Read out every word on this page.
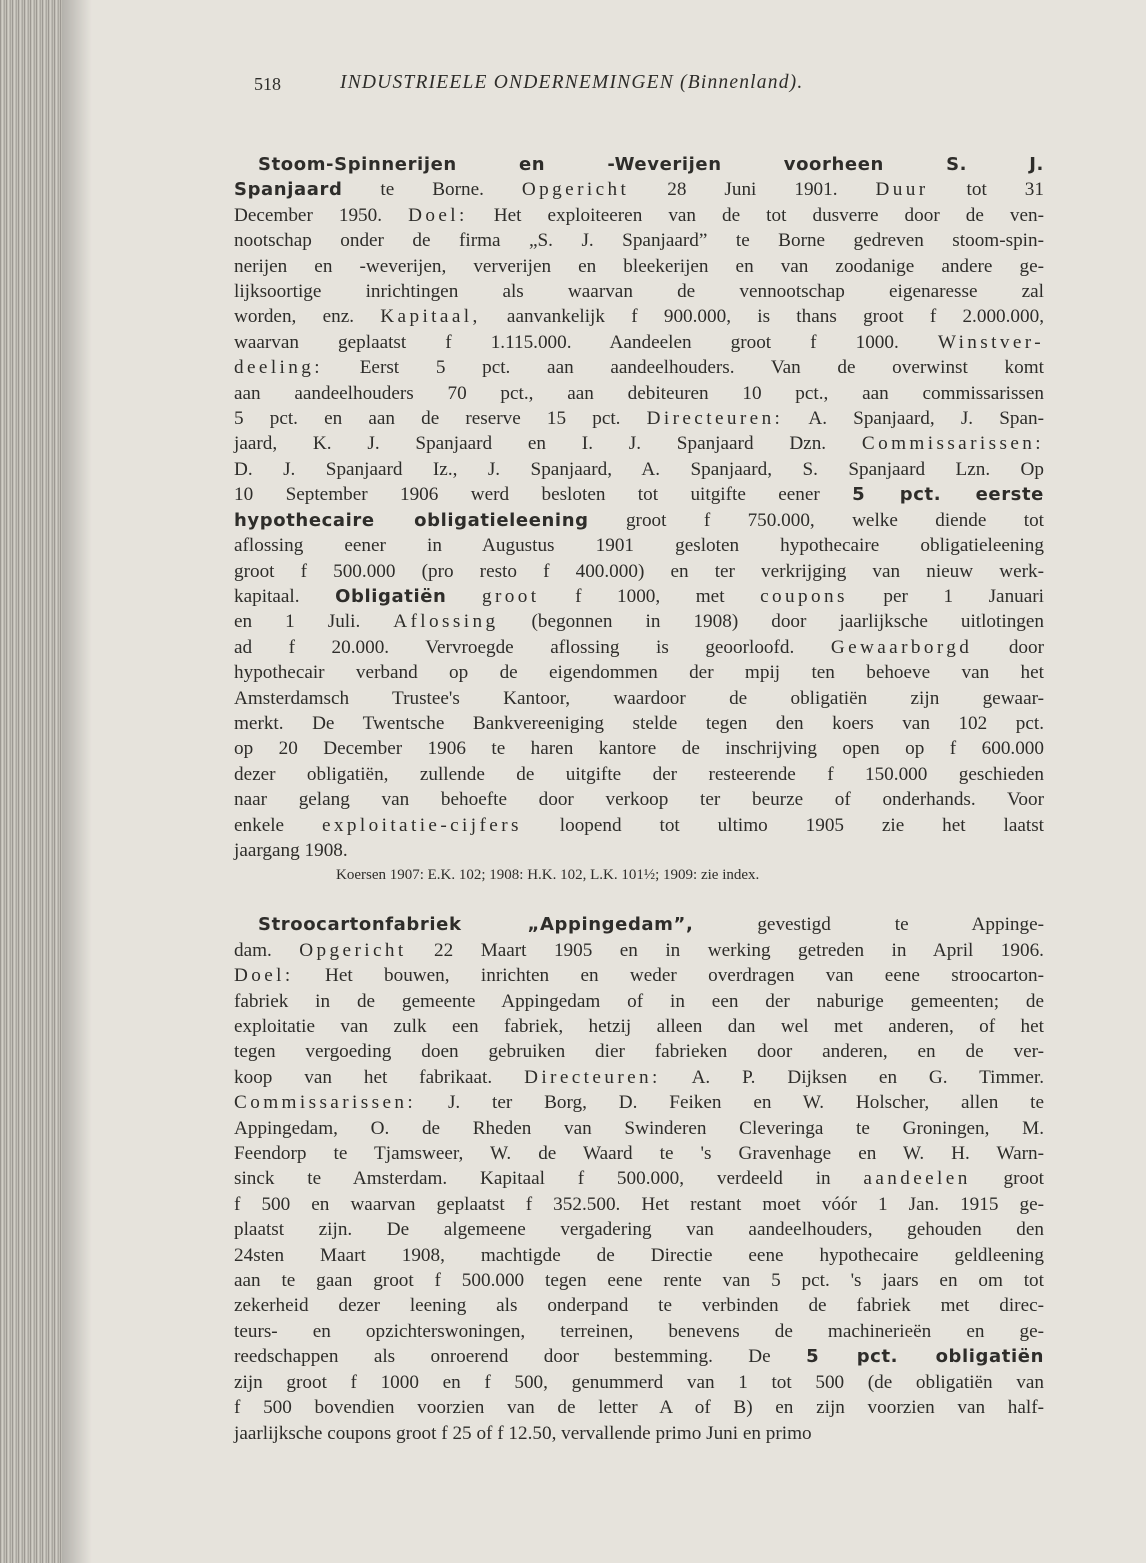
518	INDUSTRIEELE ONDERNEMINGEN (Binnenland).
Stoom-Spinnerijen en -Weverijen voorheen S. J.
Spanjaard te Borne. Opgericht 28 Juni 1901. Duur tot 31
December 1950. Doel: Het exploiteeren van de tot dusverre door de ven-
nootschap onder de firma „S. J. Spanjaard” te Borne gedreven stoom-spin-
nerijen en -weverijen, ververijen en bleekerijen en van zoodanige andere ge-
lijksoortige inrichtingen als waarvan de vennootschap eigenaresse zal
worden, enz. Kapitaal, aanvankelijk f 900.000, is thans groot f 2.000.000,
waarvan geplaatst f 1.115.000. Aandeelen groot f 1000. Winstver-
deeling: Eerst 5 pct. aan aandeelhouders. Van de overwinst komt
aan aandeelhouders 70 pct., aan debiteuren 10 pct., aan commissarissen
5 pct. en aan de reserve 15 pct. Directeuren: A. Spanjaard, J. Span-
jaard, K. J. Spanjaard en I. J. Spanjaard Dzn. Commissarissen:
D. J. Spanjaard Iz., J. Spanjaard, A. Spanjaard, S. Spanjaard Lzn. Op
10 September 1906 werd besloten tot uitgifte eener 5 pct. eerste
hypothecaire obligatieleening groot f 750.000, welke diende tot
aflossing eener in Augustus 1901 gesloten hypothecaire obligatieleening
groot f 500.000 (pro resto f 400.000) en ter verkrijging van nieuw werk-
kapitaal. Obligatiën groot f 1000, met coupons per 1 Januari
en 1 Juli. Aflossing (begonnen in 1908) door jaarlijksche uitlotingen
ad f 20.000. Vervroegde aflossing is geoorloofd. Gewaarborgd door
hypothecair verband op de eigendommen der mpij ten behoeve van het
Amsterdamsch Trustee's Kantoor, waardoor de obligatiën zijn gewaar-
merkt. De Twentsche Bankvereeniging stelde tegen den koers van 102 pct.
op 20 December 1906 te haren kantore de inschrijving open op f 600.000
dezer obligatiën, zullende de uitgifte der resteerende f 150.000 geschieden
naar gelang van behoefte door verkoop ter beurze of onderhands. Voor
enkele exploitatie-cijfers loopend tot ultimo 1905 zie het laatst
jaargang 1908.
Koersen 1907: E.K. 102; 1908: H.K. 102, L.K. 101½; 1909: zie index.
Stroocartonfabriek „Appingedam”, gevestigd te Appinge-
dam. Opgericht 22 Maart 1905 en in werking getreden in April 1906.
Doel: Het bouwen, inrichten en weder overdragen van eene stroocarton-
fabriek in de gemeente Appingedam of in een der naburige gemeenten; de
exploitatie van zulk een fabriek, hetzij alleen dan wel met anderen, of het
tegen vergoeding doen gebruiken dier fabrieken door anderen, en de ver-
koop van het fabrikaat. Directeuren: A. P. Dijksen en G. Timmer.
Commissarissen: J. ter Borg, D. Feiken en W. Holscher, allen te
Appingedam, O. de Rheden van Swinderen Cleveringa te Groningen, M.
Feendorp te Tjamsweer, W. de Waard te 's Gravenhage en W. H. Warn-
sinck te Amsterdam. Kapitaal f 500.000, verdeeld in aandeelen groot
f 500 en waarvan geplaatst f 352.500. Het restant moet vóór 1 Jan. 1915 ge-
plaatst zijn. De algemeene vergadering van aandeelhouders, gehouden den
24sten Maart 1908, machtigde de Directie eene hypothecaire geldleening
aan te gaan groot f 500.000 tegen eene rente van 5 pct. 's jaars en om tot
zekerheid dezer leening als onderpand te verbinden de fabriek met direc-
teurs- en opzichterswoningen, terreinen, benevens de machinerieën en ge-
reedschappen als onroerend door bestemming. De 5 pct. obligatiën
zijn groot f 1000 en f 500, genummerd van 1 tot 500 (de obligatiën van
f 500 bovendien voorzien van de letter A of B) en zijn voorzien van half-
jaarlijksche coupons groot f 25 of f 12.50, vervallende primo Juni en primo
